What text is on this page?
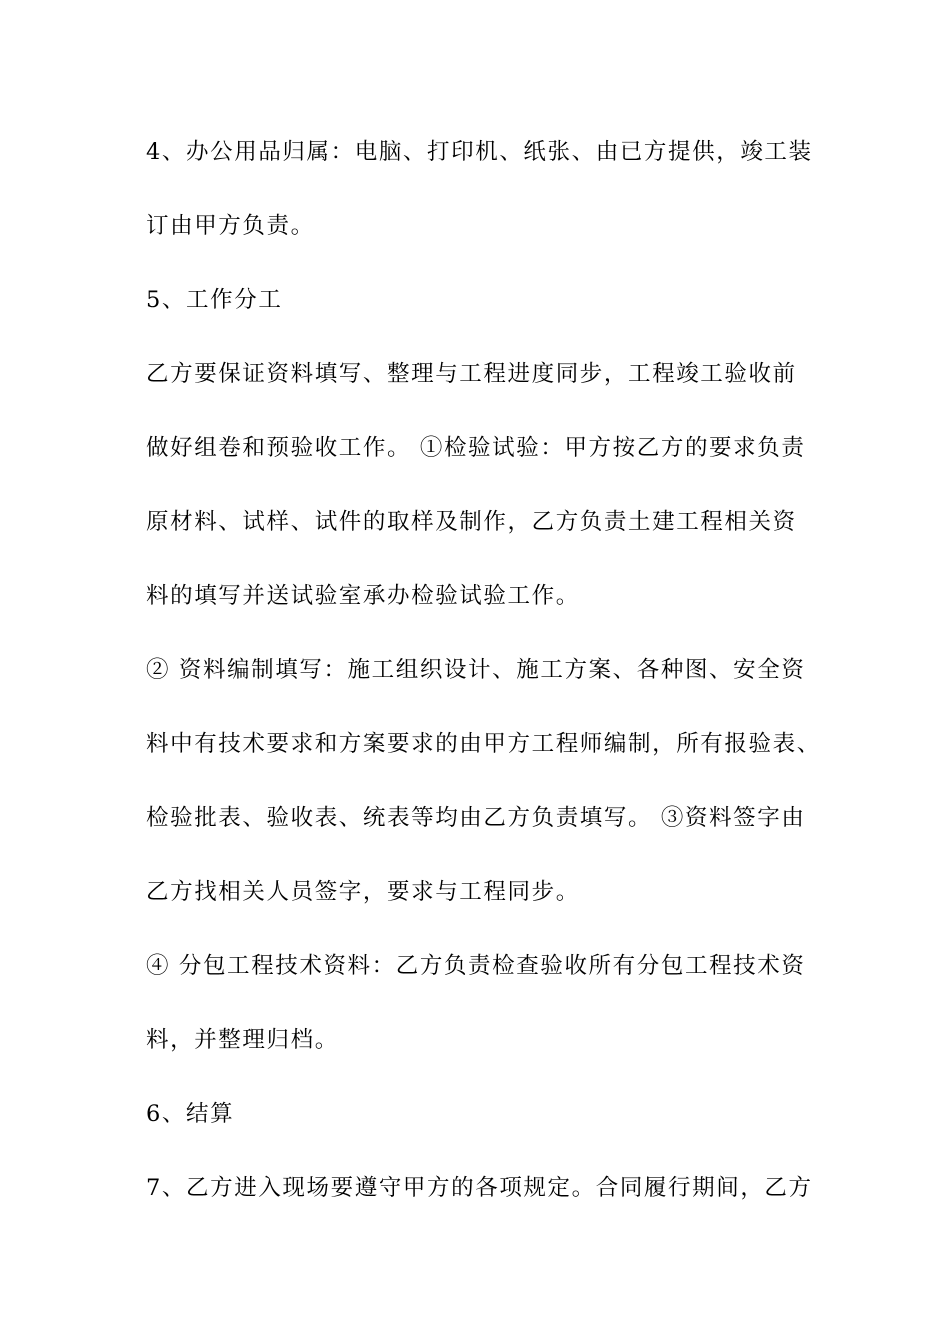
4、办公用品归属：电脑、打印机、纸张、由已方提供，竣工装

订由甲方负责。

5、工作分工

乙方要保证资料填写、整理与工程进度同步，工程竣工验收前

做好组卷和预验收工作。 ①检验试验：甲方按乙方的要求负责

原材料、试样、试件的取样及制作，乙方负责土建工程相关资

料的填写并送试验室承办检验试验工作。

② 资料编制填写：施工组织设计、施工方案、各种图、安全资

料中有技术要求和方案要求的由甲方工程师编制，所有报验表、

检验批表、验收表、统表等均由乙方负责填写。 ③资料签字由

乙方找相关人员签字，要求与工程同步。

④ 分包工程技术资料：乙方负责检查验收所有分包工程技术资

料，并整理归档。

6、结算

7、乙方进入现场要遵守甲方的各项规定。合同履行期间，乙方
